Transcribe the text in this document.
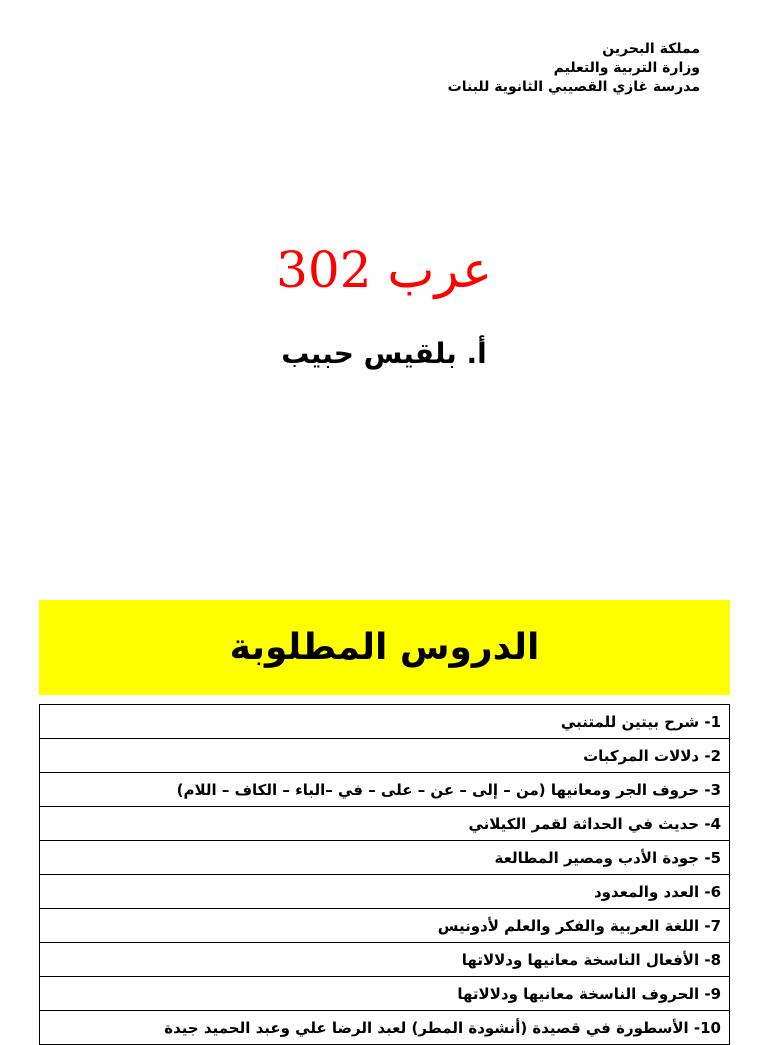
مملكة البحرين
وزارة التربية والتعليم
مدرسة غازي القصيبي الثانوية للبنات
عرب 302
أ. بلقيس حبيب
الدروس المطلوبة
1- شرح بيتين للمتنبي
2- دلالات المركبات
3- حروف الجر ومعانيها (من – إلى – عن – على – في –الباء – الكاف – اللام)
4- حديث في الحداثة لقمر الكيلاني
5- جودة الأدب ومصير المطالعة
6- العدد والمعدود
7- اللغة العربية والفكر والعلم لأدونيس
8- الأفعال الناسخة معانيها ودلالاتها
9- الحروف الناسخة معانيها ودلالاتها
10- الأسطورة في قصيدة (أنشودة المطر) لعبد الرضا علي وعبد الحميد جيدة
